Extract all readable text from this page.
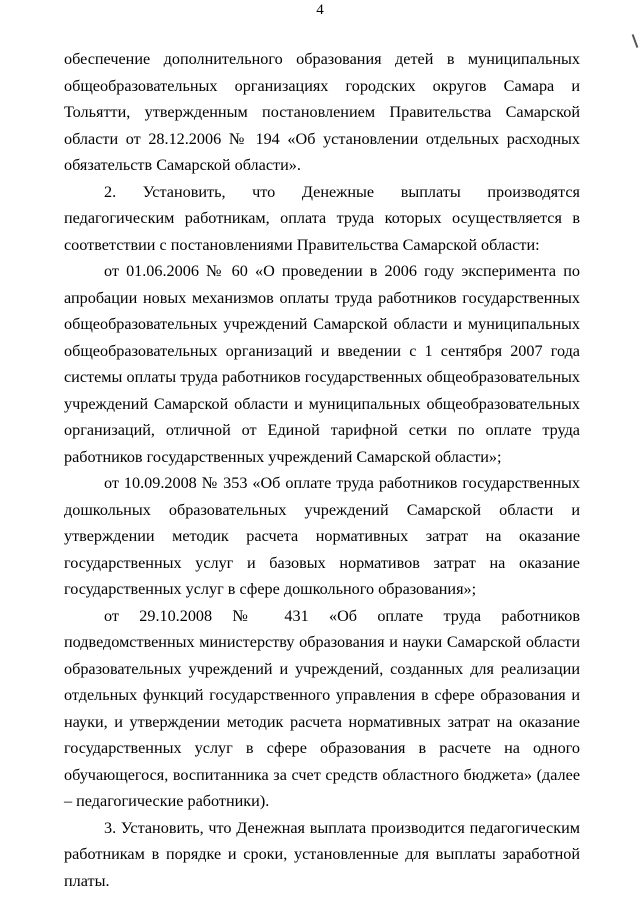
4

обеспечение дополнительного образования детей в муниципальных общеобразовательных организациях городских округов Самара и Тольятти, утвержденным постановлением Правительства Самарской области от 28.12.2006 № 194 «Об установлении отдельных расходных обязательств Самарской области».

2. Установить, что Денежные выплаты производятся педагогическим работникам, оплата труда которых осуществляется в соответствии с постановлениями Правительства Самарской области:

от 01.06.2006 № 60 «О проведении в 2006 году эксперимента по апробации новых механизмов оплаты труда работников государственных общеобразовательных учреждений Самарской области и муниципальных общеобразовательных организаций и введении с 1 сентября 2007 года системы оплаты труда работников государственных общеобразовательных учреждений Самарской области и муниципальных общеобразовательных организаций, отличной от Единой тарифной сетки по оплате труда работников государственных учреждений Самарской области»;

от 10.09.2008 № 353 «Об оплате труда работников государственных дошкольных образовательных учреждений Самарской области и утверждении методик расчета нормативных затрат на оказание государственных услуг и базовых нормативов затрат на оказание государственных услуг в сфере дошкольного образования»;

от 29.10.2008 № 431 «Об оплате труда работников подведомственных министерству образования и науки Самарской области образовательных учреждений и учреждений, созданных для реализации отдельных функций государственного управления в сфере образования и науки, и утверждении методик расчета нормативных затрат на оказание государственных услуг в сфере образования в расчете на одного обучающегося, воспитанника за счет средств областного бюджета» (далее – педагогические работники).

3. Установить, что Денежная выплата производится педагогическим работникам в порядке и сроки, установленные для выплаты заработной платы.
